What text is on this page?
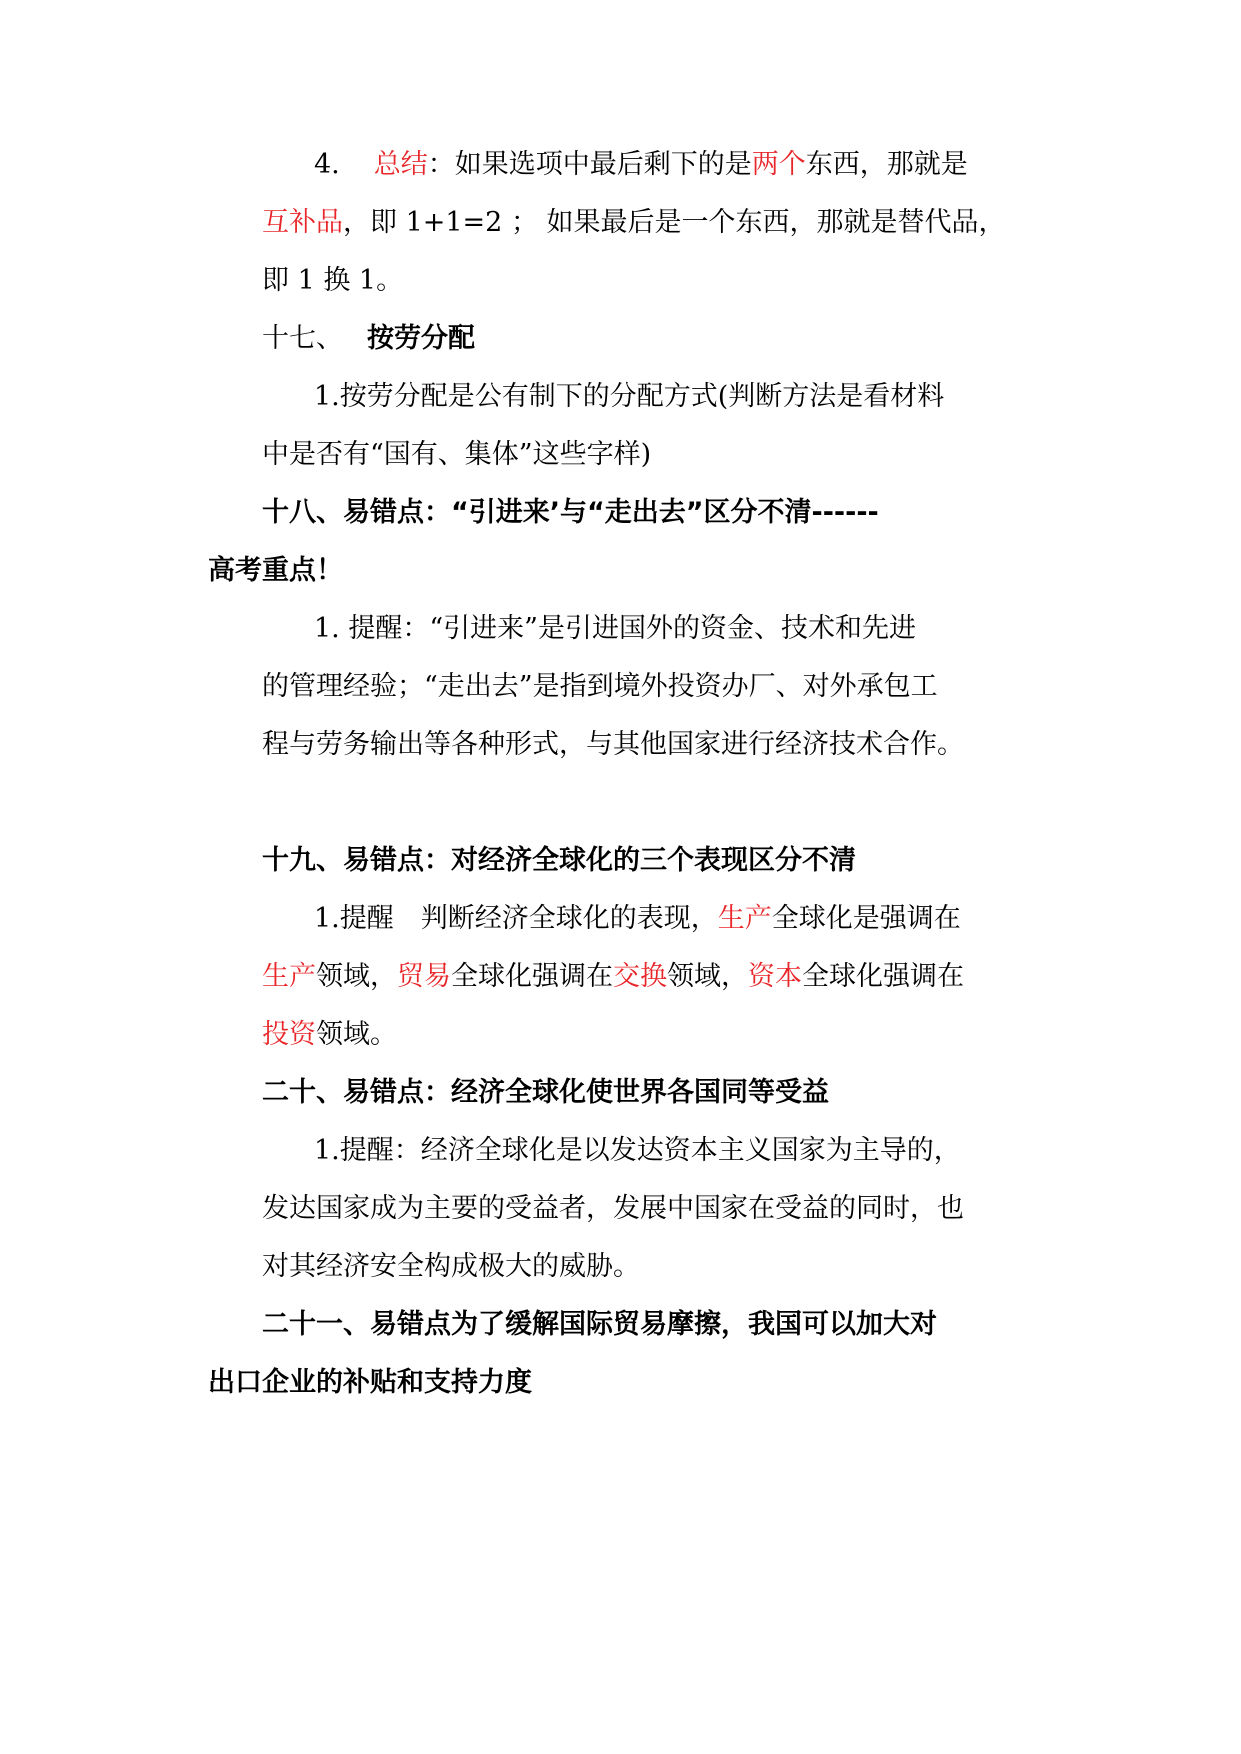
4. 总结：如果选项中最后剩下的是两个东西，那就是
互补品，即 1+1=2 ； 如果最后是一个东西，那就是替代品，
即 1 换 1。
十七、 按劳分配
1.按劳分配是公有制下的分配方式(判断方法是看材料
中是否有“国有、集体”这些字样)
十八、易错点：“引进来’与“走出去”区分不清------
高考重点！
1. 提醒：“引进来”是引进国外的资金、技术和先进
的管理经验；“走出去”是指到境外投资办厂、对外承包工
程与劳务输出等各种形式，与其他国家进行经济技术合作。
十九、易错点：对经济全球化的三个表现区分不清
1.提醒　判断经济全球化的表现，生产全球化是强调在
生产领域，贸易全球化强调在交换领域，资本全球化强调在
投资领域。
二十、易错点：经济全球化使世界各国同等受益
1.提醒：经济全球化是以发达资本主义国家为主导的，
发达国家成为主要的受益者，发展中国家在受益的同时，也
对其经济安全构成极大的威胁。
二十一、易错点为了缓解国际贸易摩擦，我国可以加大对
出口企业的补贴和支持力度
